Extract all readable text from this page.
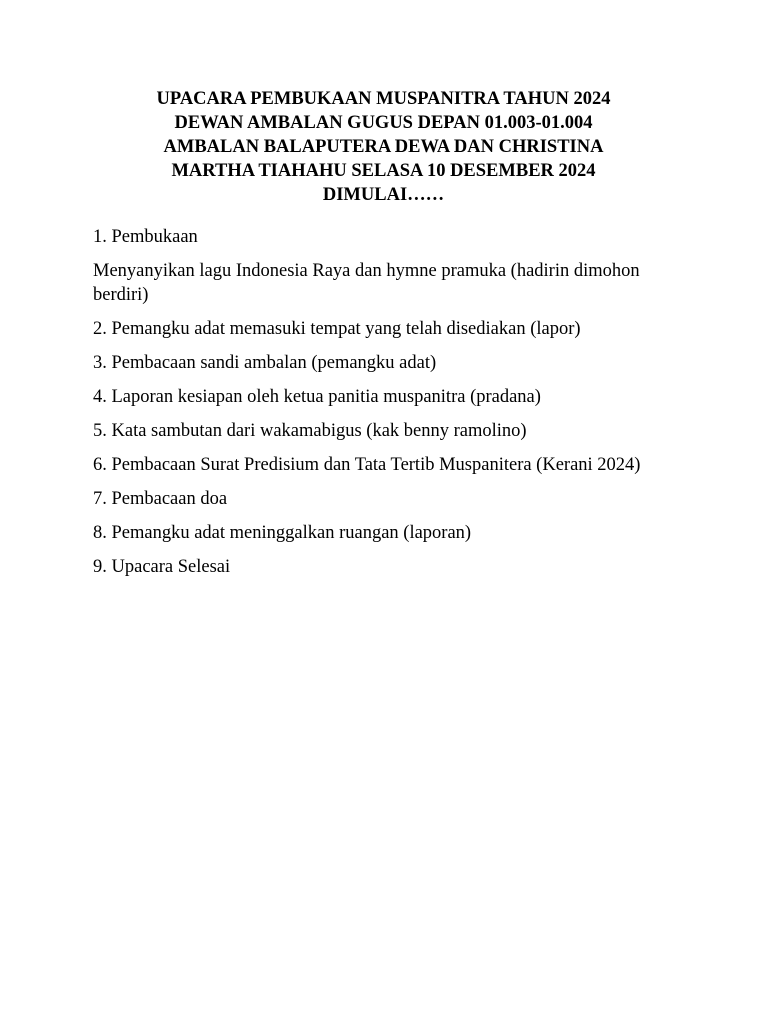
UPACARA PEMBUKAAN MUSPANITRA TAHUN 2024
DEWAN AMBALAN GUGUS DEPAN 01.003-01.004
AMBALAN BALAPUTERA DEWA DAN CHRISTINA
MARTHA TIAHAHU SELASA 10 DESEMBER 2024
DIMULAI……

1. Pembukaan

Menyanyikan lagu Indonesia Raya dan hymne pramuka (hadirin dimohon berdiri)

2. Pemangku adat memasuki tempat yang telah disediakan (lapor)

3. Pembacaan sandi ambalan (pemangku adat)

4. Laporan kesiapan oleh ketua panitia muspanitra (pradana)

5. Kata sambutan dari wakamabigus (kak benny ramolino)

6. Pembacaan Surat Predisium dan Tata Tertib Muspanitera (Kerani 2024)

7. Pembacaan doa

8. Pemangku adat meninggalkan ruangan (laporan)

9. Upacara Selesai
